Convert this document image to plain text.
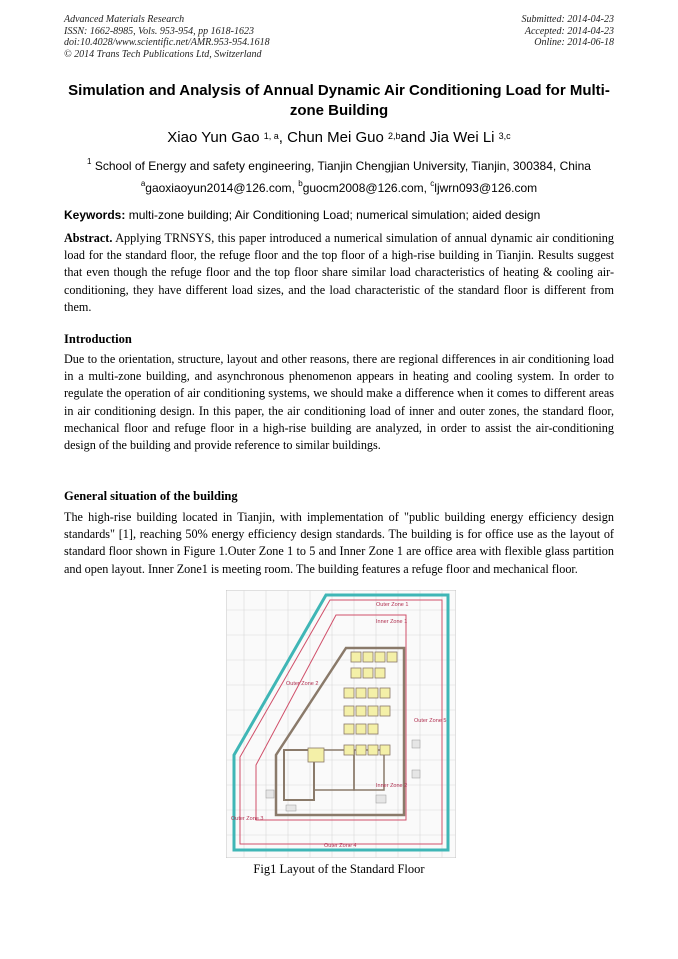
Advanced Materials Research
ISSN: 1662-8985, Vols. 953-954, pp 1618-1623
doi:10.4028/www.scientific.net/AMR.953-954.1618
© 2014 Trans Tech Publications Ltd, Switzerland
Submitted: 2014-04-23
Accepted: 2014-04-23
Online: 2014-06-18
Simulation and Analysis of Annual Dynamic Air Conditioning Load for Multi-zone Building
Xiao Yun Gao $^{1, a}$, Chun Mei Guo $^{2,b}$and Jia Wei Li $^{3,c}$
$^1$ School of Energy and safety engineering, Tianjin Chengjian University, Tianjin, 300384, China
$^a$gaoxiaoyun2014@126.com, $^b$guocm2008@126.com, $^c$ljwrn093@126.com
Keywords: multi-zone building; Air Conditioning Load; numerical simulation; aided design
Abstract. Applying TRNSYS, this paper introduced a numerical simulation of annual dynamic air conditioning load for the standard floor, the refuge floor and the top floor of a high-rise building in Tianjin. Results suggest that even though the refuge floor and the top floor share similar load characteristics of heating & cooling air-conditioning, they have different load sizes, and the load characteristic of the standard floor is different from them.
Introduction
Due to the orientation, structure, layout and other reasons, there are regional differences in air conditioning load in a multi-zone building, and asynchronous phenomenon appears in heating and cooling system. In order to regulate the operation of air conditioning systems, we should make a difference when it comes to different areas in air conditioning design. In this paper, the air conditioning load of inner and outer zones, the standard floor, mechanical floor and refuge floor in a high-rise building are analyzed, in order to assist the air-conditioning design of the building and provide reference to similar buildings.
General situation of the building
The high-rise building located in Tianjin, with implementation of "public building energy efficiency design standards" [1], reaching 50% energy efficiency design standards. The building is for office use as the layout of standard floor shown in Figure 1.Outer Zone 1 to 5 and Inner Zone 1 are office area with flexible glass partition and open layout. Inner Zone1 is meeting room. The building features a refuge floor and mechanical floor.
Outer Zone 1
Inner Zone 1
Outer Zone 2
Outer Zone 5
Inner Zone 2
Outer Zone 3
Outer Zone 4
Fig1 Layout of the Standard Floor
